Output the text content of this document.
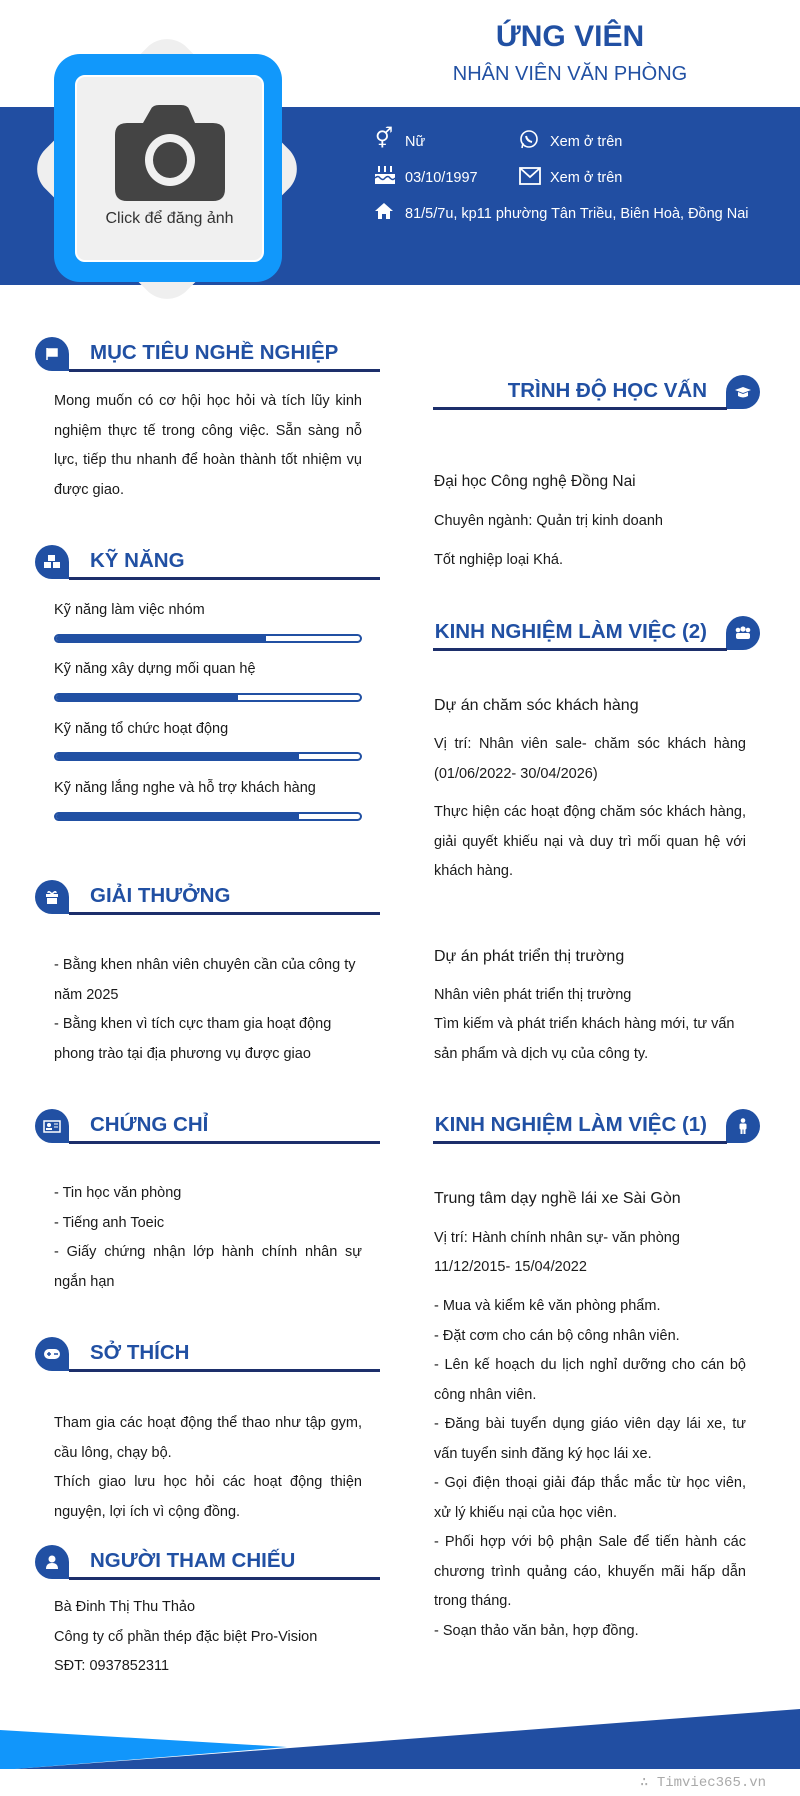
ỨNG VIÊN
NHÂN VIÊN VĂN PHÒNG
Click để đăng ảnh
⚥ Nữ	Xem ở trên
03/10/1997	Xem ở trên
81/5/7u, kp11 phường Tân Triều, Biên Hoà, Đồng Nai
MỤC TIÊU NGHỀ NGHIỆP
Mong muốn có cơ hội học hỏi và tích lũy kinh nghiệm thực tế trong công việc. Sẵn sàng nỗ lực, tiếp thu nhanh để hoàn thành tốt nhiệm vụ được giao.
KỸ NĂNG
Kỹ năng làm việc nhóm
Kỹ năng xây dựng mối quan hệ
Kỹ năng tổ chức hoạt động
Kỹ năng lắng nghe và hỗ trợ khách hàng
GIẢI THƯỞNG
- Bằng khen nhân viên chuyên cần của công ty năm 2025
- Bằng khen vì tích cực tham gia hoạt động phong trào tại địa phương vụ được giao
CHỨNG CHỈ
- Tin học văn phòng
- Tiếng anh Toeic
- Giấy chứng nhận lớp hành chính nhân sự ngắn hạn
SỞ THÍCH
Tham gia các hoạt động thể thao như tập gym, cầu lông, chạy bộ.
Thích giao lưu học hỏi các hoạt động thiện nguyện, lợi ích vì cộng đồng.
NGƯỜI THAM CHIẾU
Bà Đinh Thị Thu Thảo
Công ty cổ phần thép đặc biệt Pro-Vision
SĐT: 0937852311
TRÌNH ĐỘ HỌC VẤN
Đại học Công nghệ Đồng Nai
Chuyên ngành: Quản trị kinh doanh
Tốt nghiệp loại Khá.
KINH NGHIỆM LÀM VIỆC (2)
Dự án chăm sóc khách hàng
Vị trí: Nhân viên sale- chăm sóc khách hàng (01/06/2022- 30/04/2026)
Thực hiện các hoạt động chăm sóc khách hàng, giải quyết khiếu nại và duy trì mối quan hệ với khách hàng.
Dự án phát triển thị trường
Nhân viên phát triển thị trường
Tìm kiếm và phát triển khách hàng mới, tư vấn sản phẩm và dịch vụ của công ty.
KINH NGHIỆM LÀM VIỆC (1)
Trung tâm dạy nghề lái xe Sài Gòn
Vị trí: Hành chính nhân sự- văn phòng
11/12/2015- 15/04/2022
- Mua và kiểm kê văn phòng phẩm.
- Đặt cơm cho cán bộ công nhân viên.
- Lên kế hoạch du lịch nghỉ dưỡng cho cán bộ công nhân viên.
- Đăng bài tuyển dụng giáo viên dạy lái xe, tư vấn tuyển sinh đăng ký học lái xe.
- Gọi điện thoại giải đáp thắc mắc từ học viên, xử lý khiếu nại của học viên.
- Phối hợp với bộ phận Sale để tiến hành các chương trình quảng cáo, khuyến mãi hấp dẫn trong tháng.
- Soạn thảo văn bản, hợp đồng.
∴ Timviec365.vn
